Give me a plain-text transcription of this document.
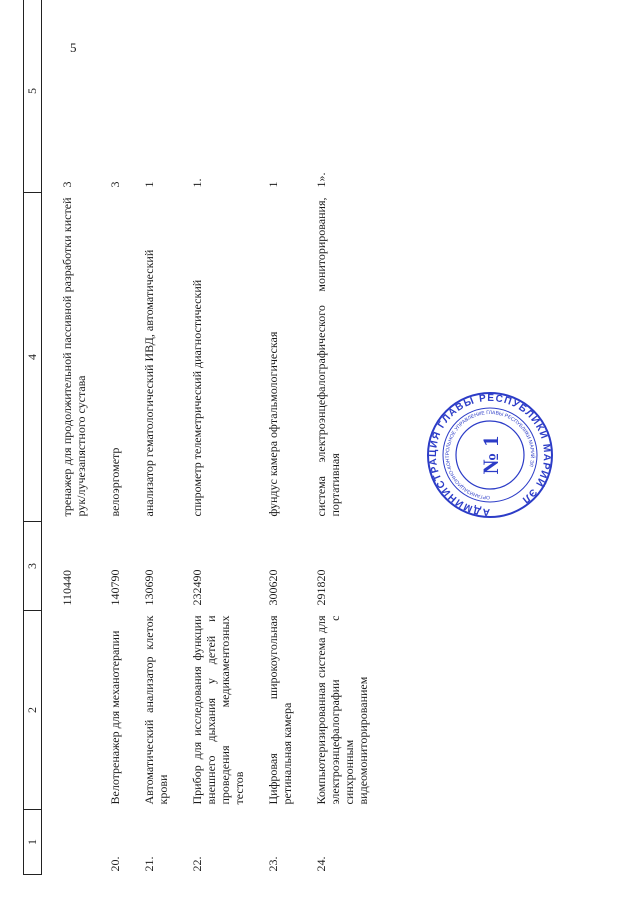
5
1	2	3	4	5
		110440	тренажер для продолжительной пассивной разработки кистей рук/лучезапястного сустава	3
20.	Велотренажер для механотерапии	140790	велоэргометр	3
21.	Автоматический анализатор клеток крови	130690	анализатор гематологический ИВД, автоматический	1
22.	Прибор для исследования функции внешнего дыхания у детей и проведения медикаментозных тестов	232490	спирометр телеметрический диагностический	1.
23.	Цифровая широкоугольная ретинальная камера	300620	фундус камера офтальмологическая	1
24.	Компьютеризированная система для электроэнцефалографии с синхронным видеомониторированием	291820	система электроэнцефалографического мониторирования, портативная	1».
АДМИНИСТРАЦИЯ ГЛАВЫ РЕСПУБЛИКИ МАРИЙ ЭЛ
ОРГАНИЗАЦИОННО-КОНТРОЛЬНОЕ УПРАВЛЕНИЕ ГЛАВЫ РЕСПУБЛИКИ МАРИЙ ЭЛ
№ 1
